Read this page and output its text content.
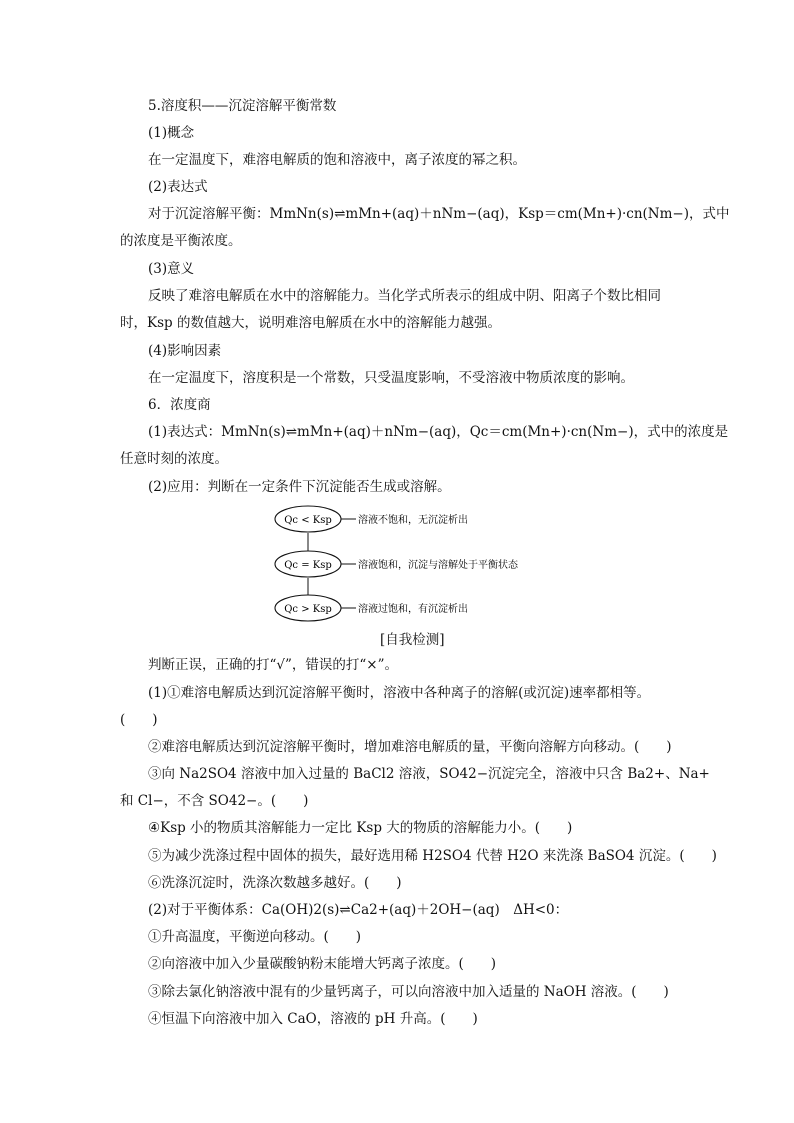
5.溶度积——沉淀溶解平衡常数
(1)概念
在一定温度下，难溶电解质的饱和溶液中，离子浓度的幂之积。
(2)表达式
对于沉淀溶解平衡：MmNn(s)⇌mMn+(aq)＋nNm−(aq)，Ksp＝cm(Mn+)·cn(Nm−)，式中
的浓度是平衡浓度。
(3)意义
反映了难溶电解质在水中的溶解能力。当化学式所表示的组成中阴、阳离子个数比相同
时，Ksp 的数值越大，说明难溶电解质在水中的溶解能力越强。
(4)影响因素
在一定温度下，溶度积是一个常数，只受温度影响，不受溶液中物质浓度的影响。
6．浓度商
(1)表达式：MmNn(s)⇌mMn+(aq)＋nNm−(aq)，Qc＝cm(Mn+)·cn(Nm−)，式中的浓度是
任意时刻的浓度。
(2)应用：判断在一定条件下沉淀能否生成或溶解。
Qc < Ksp	溶液不饱和，无沉淀析出
Qc = Ksp	溶液饱和，沉淀与溶解处于平衡状态
Qc > Ksp	溶液过饱和，有沉淀析出
[自我检测]
判断正误，正确的打“√”，错误的打“×”。
(1)①难溶电解质达到沉淀溶解平衡时，溶液中各种离子的溶解(或沉淀)速率都相等。
(　　)
②难溶电解质达到沉淀溶解平衡时，增加难溶电解质的量，平衡向溶解方向移动。(　　)
③向 Na2SO4 溶液中加入过量的 BaCl2 溶液，SO42−沉淀完全，溶液中只含 Ba2+、Na+
和 Cl−，不含 SO42−。(　　)
④Ksp 小的物质其溶解能力一定比 Ksp 大的物质的溶解能力小。(　　)
⑤为减少洗涤过程中固体的损失，最好选用稀 H2SO4 代替 H2O 来洗涤 BaSO4 沉淀。(　　)
⑥洗涤沉淀时，洗涤次数越多越好。(　　)
(2)对于平衡体系：Ca(OH)2(s)⇌Ca2+(aq)＋2OH−(aq)　ΔH<0：
①升高温度，平衡逆向移动。(　　)
②向溶液中加入少量碳酸钠粉末能增大钙离子浓度。(　　)
③除去氯化钠溶液中混有的少量钙离子，可以向溶液中加入适量的 NaOH 溶液。(　　)
④恒温下向溶液中加入 CaO，溶液的 pH 升高。(　　)
